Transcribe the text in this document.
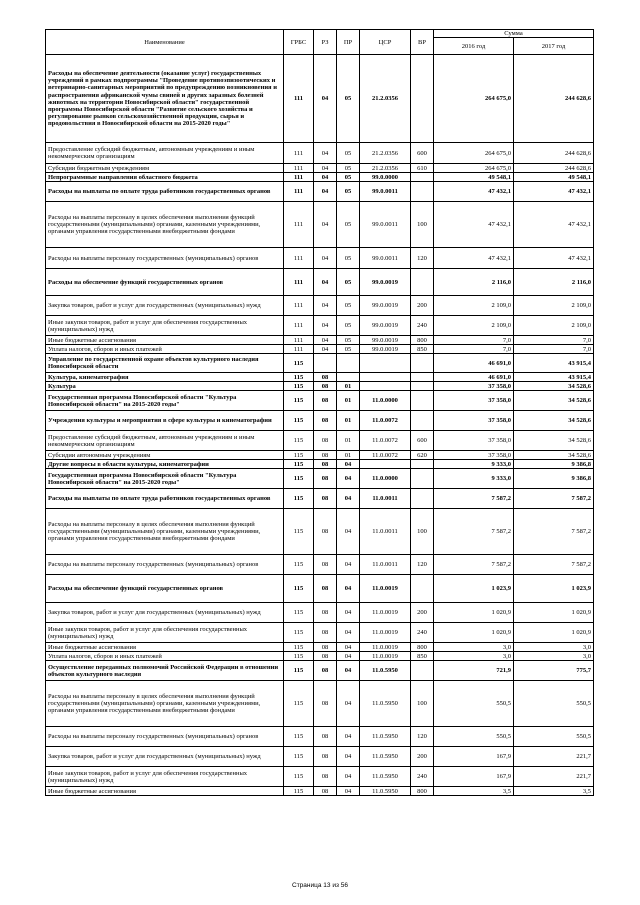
Наименование	ГРБС	РЗ	ПР	ЦСР	ВР	Сумма	
						2016 год	2017 год
Расходы на обеспечение деятельности (оказание услуг) государственных учреждений в рамках подпрограммы "Проведение противоэпизоотических и ветеринарно-санитарных мероприятий по предупреждению возникновения и распространения африканской чумы свиней и других заразных болезней животных на территории Новосибирской области" государственной программы Новосибирской области "Развитие сельского хозяйства и регулирование рынков сельскохозяйственной продукции, сырья и продовольствия в Новосибирской области на 2015-2020 годы"	111	04	05	21.2.0356		264 675,0	244 628,6
Предоставление субсидий бюджетным, автономным учреждениям и иным некоммерческим организациям	111	04	05	21.2.0356	600	264 675,0	244 628,6
Субсидии бюджетным учреждениям	111	04	05	21.2.0356	610	264 675,0	244 628,6
Непрограммные направления областного бюджета	111	04	05	99.0.0000		49 548,1	49 548,1
Расходы на выплаты по оплате труда работников государственных органов	111	04	05	99.0.0011		47 432,1	47 432,1
Расходы на выплаты персоналу в целях обеспечения выполнения функций государственными (муниципальными) органами, казенными учреждениями, органами управления государственными внебюджетными фондами	111	04	05	99.0.0011	100	47 432,1	47 432,1
Расходы на выплаты персоналу государственных (муниципальных) органов	111	04	05	99.0.0011	120	47 432,1	47 432,1
Расходы на обеспечение функций государственных органов	111	04	05	99.0.0019		2 116,0	2 116,0
Закупка товаров, работ и услуг для государственных (муниципальных) нужд	111	04	05	99.0.0019	200	2 109,0	2 109,0
Иные закупки товаров, работ и услуг для обеспечения государственных (муниципальных) нужд	111	04	05	99.0.0019	240	2 109,0	2 109,0
Иные бюджетные ассигнования	111	04	05	99.0.0019	800	7,0	7,0
Уплата налогов, сборов и иных платежей	111	04	05	99.0.0019	850	7,0	7,0
Управление по государственной охране объектов культурного наследия Новосибирской области	115					46 691,0	43 915,4
Культура, кинематография	115	08				46 691,0	43 915,4
Культура	115	08	01			37 358,0	34 528,6
Государственная программа Новосибирской области "Культура Новосибирской области" на 2015-2020 годы"	115	08	01	11.0.0000		37 358,0	34 528,6
Учреждения культуры и мероприятия в сфере культуры и кинематографии	115	08	01	11.0.0072		37 358,0	34 528,6
Предоставление субсидий бюджетным, автономным учреждениям и иным некоммерческим организациям	115	08	01	11.0.0072	600	37 358,0	34 528,6
Субсидии автономным учреждениям	115	08	01	11.0.0072	620	37 358,0	34 528,6
Другие вопросы в области культуры, кинематографии	115	08	04			9 333,0	9 386,8
Государственная программа Новосибирской области "Культура Новосибирской области" на 2015-2020 годы"	115	08	04	11.0.0000		9 333,0	9 386,8
Расходы на выплаты по оплате труда работников государственных органов	115	08	04	11.0.0011		7 587,2	7 587,2
Расходы на выплаты персоналу в целях обеспечения выполнения функций государственными (муниципальными) органами, казенными учреждениями, органами управления государственными внебюджетными фондами	115	08	04	11.0.0011	100	7 587,2	7 587,2
Расходы на выплаты персоналу государственных (муниципальных) органов	115	08	04	11.0.0011	120	7 587,2	7 587,2
Расходы на обеспечение функций государственных органов	115	08	04	11.0.0019		1 023,9	1 023,9
Закупка товаров, работ и услуг для государственных (муниципальных) нужд	115	08	04	11.0.0019	200	1 020,9	1 020,9
Иные закупки товаров, работ и услуг для обеспечения государственных (муниципальных) нужд	115	08	04	11.0.0019	240	1 020,9	1 020,9
Иные бюджетные ассигнования	115	08	04	11.0.0019	800	3,0	3,0
Уплата налогов, сборов и иных платежей	115	08	04	11.0.0019	850	3,0	3,0
Осуществление переданных полномочий Российской Федерации в отношении объектов культурного наследия	115	08	04	11.0.5950		721,9	775,7
Расходы на выплаты персоналу в целях обеспечения выполнения функций государственными (муниципальными) органами, казенными учреждениями, органами управления государственными внебюджетными фондами	115	08	04	11.0.5950	100	550,5	550,5
Расходы на выплаты персоналу государственных (муниципальных) органов	115	08	04	11.0.5950	120	550,5	550,5
Закупка товаров, работ и услуг для государственных (муниципальных) нужд	115	08	04	11.0.5950	200	167,9	221,7
Иные закупки товаров, работ и услуг для обеспечения государственных (муниципальных) нужд	115	08	04	11.0.5950	240	167,9	221,7
Иные бюджетные ассигнования	115	08	04	11.0.5950	800	3,5	3,5
Страница 13 из 56
